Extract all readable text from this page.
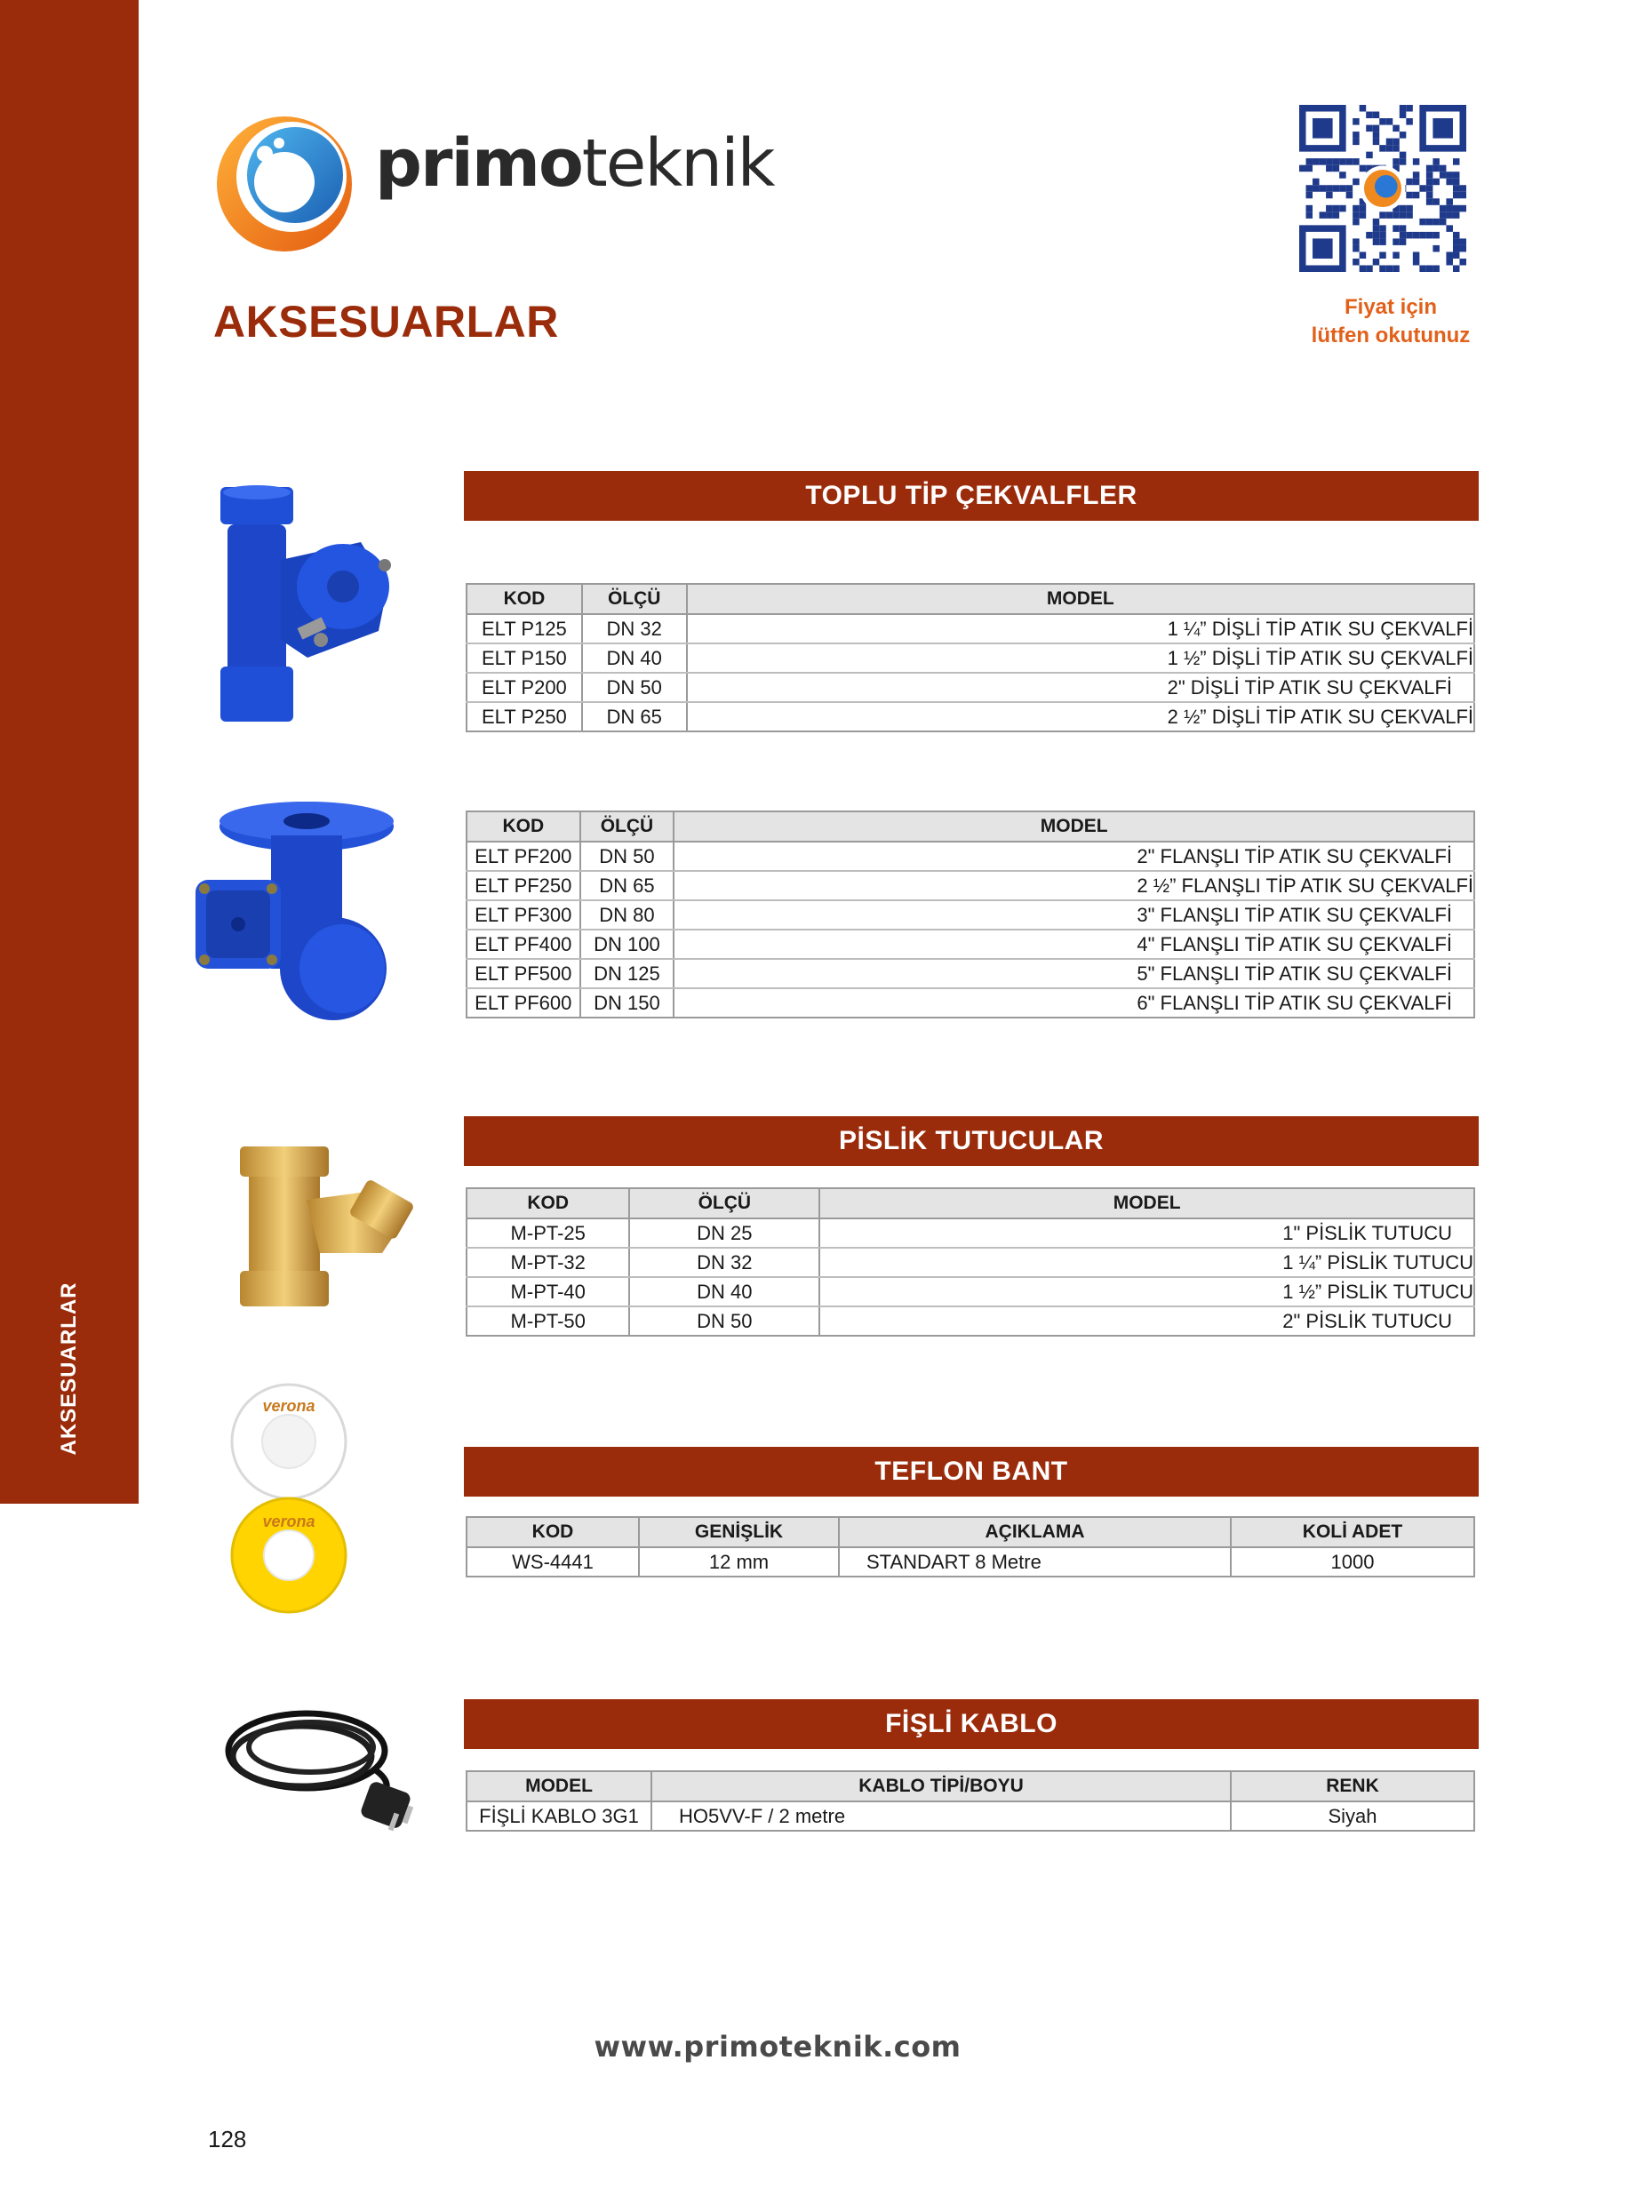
AKSESUARLAR
primoteknik
AKSESUARLAR	Fiyat için
lütfen okutunuz
verona
verona
TOPLU TİP ÇEKVALFLER
KOD	ÖLÇÜ	MODEL
ELT P125	DN 32	1 ¼” DİŞLİ TİP ATIK SU ÇEKVALFİ
ELT P150	DN 40	1 ½” DİŞLİ TİP ATIK SU ÇEKVALFİ
ELT P200	DN 50	2" DİŞLİ TİP ATIK SU ÇEKVALFİ
ELT P250	DN 65	2 ½” DİŞLİ TİP ATIK SU ÇEKVALFİ
KOD	ÖLÇÜ	MODEL
ELT PF200	DN 50	2" FLANŞLI TİP ATIK SU ÇEKVALFİ
ELT PF250	DN 65	2 ½” FLANŞLI TİP ATIK SU ÇEKVALFİ
ELT PF300	DN 80	3" FLANŞLI TİP ATIK SU ÇEKVALFİ
ELT PF400	DN 100	4" FLANŞLI TİP ATIK SU ÇEKVALFİ
ELT PF500	DN 125	5" FLANŞLI TİP ATIK SU ÇEKVALFİ
ELT PF600	DN 150	6" FLANŞLI TİP ATIK SU ÇEKVALFİ
PİSLİK TUTUCULAR
KOD	ÖLÇÜ	MODEL
M-PT-25	DN 25	1" PİSLİK TUTUCU
M-PT-32	DN 32	1 ¼” PİSLİK TUTUCU
M-PT-40	DN 40	1 ½” PİSLİK TUTUCU
M-PT-50	DN 50	2" PİSLİK TUTUCU
TEFLON BANT
KOD	GENİŞLİK	AÇIKLAMA	KOLİ ADET
WS-4441	12 mm	STANDART 8 Metre	1000
FİŞLİ KABLO
MODEL	KABLO TİPİ/BOYU	RENK
FİŞLİ KABLO 3G1	HO5VV-F / 2 metre	Siyah
www.primoteknik.com
128
